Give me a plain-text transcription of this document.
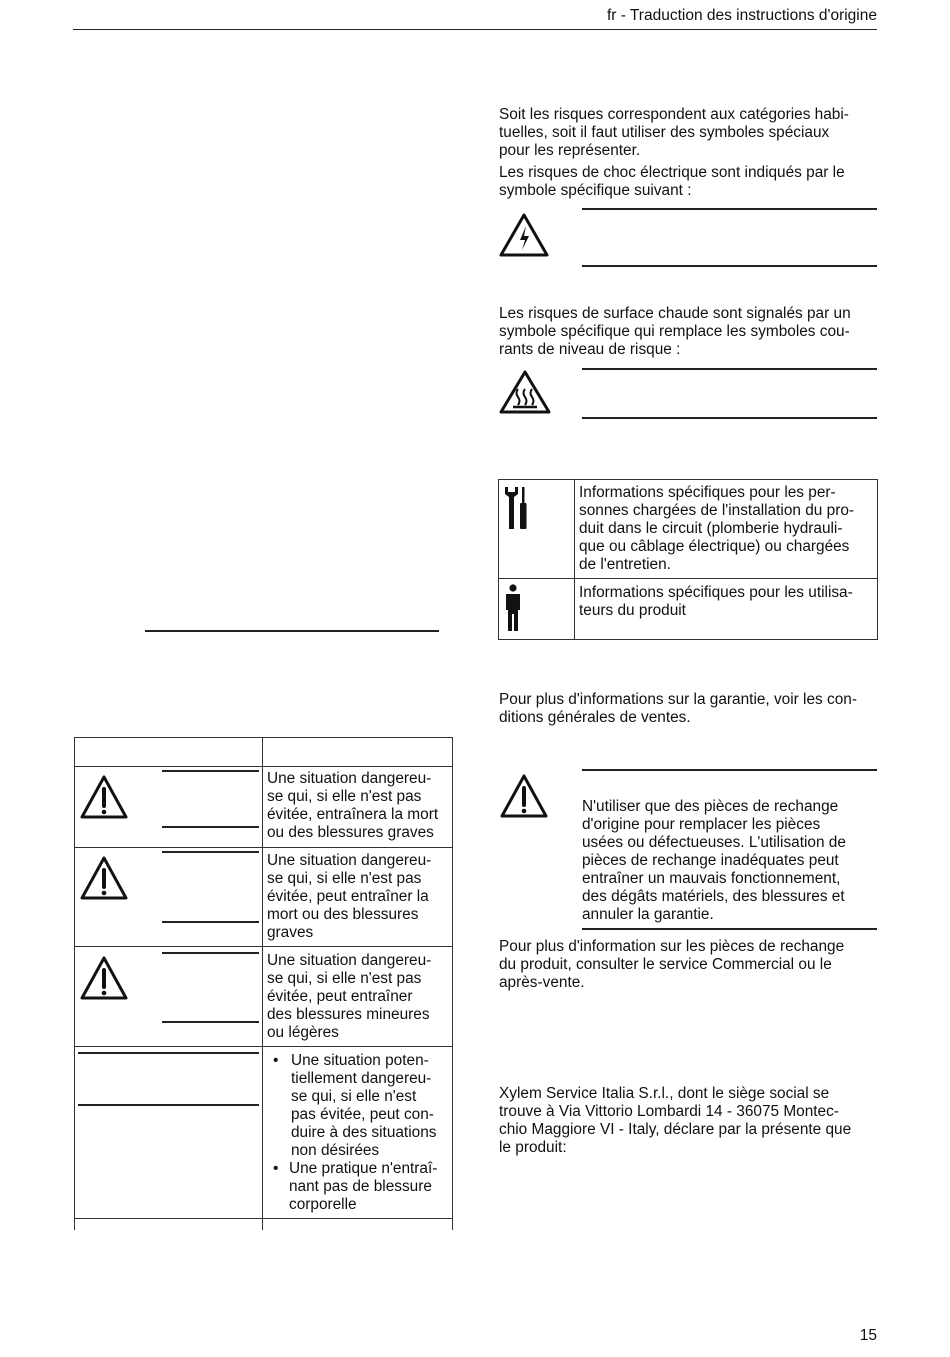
fr - Traduction des instructions d'origine
Une situation dangereu-
se qui, si elle n'est pas
évitée, entraînera la mort
ou des blessures graves
Une situation dangereu-
se qui, si elle n'est pas
évitée, peut entraîner la
mort ou des blessures
graves
Une situation dangereu-
se qui, si elle n'est pas
évitée, peut entraîner
des blessures mineures
ou légères
• Une situation poten-
tiellement dangereu-
se qui, si elle n'est
pas évitée, peut con-
duire à des situations
non désirées
• Une pratique n'entraî-
nant pas de blessure
corporelle
Soit les risques correspondent aux catégories habi-
tuelles, soit il faut utiliser des symboles spéciaux
pour les représenter.
Les risques de choc électrique sont indiqués par le
symbole spécifique suivant :
Les risques de surface chaude sont signalés par un
symbole spécifique qui remplace les symboles cou-
rants de niveau de risque :
Informations spécifiques pour les per-
sonnes chargées de l'installation du pro-
duit dans le circuit (plomberie hydrauli-
que ou câblage électrique) ou chargées
de l'entretien.
Informations spécifiques pour les utilisa-
teurs du produit
Pour plus d'informations sur la garantie, voir les con-
ditions générales de ventes.
N'utiliser que des pièces de rechange
d'origine pour remplacer les pièces
usées ou défectueuses. L'utilisation de
pièces de rechange inadéquates peut
entraîner un mauvais fonctionnement,
des dégâts matériels, des blessures et
annuler la garantie.
Pour plus d'information sur les pièces de rechange
du produit, consulter le service Commercial ou le
après-vente.
Xylem Service Italia S.r.l., dont le siège social se
trouve à Via Vittorio Lombardi 14 - 36075 Montec-
chio Maggiore VI - Italy, déclare par la présente que
le produit:
15
